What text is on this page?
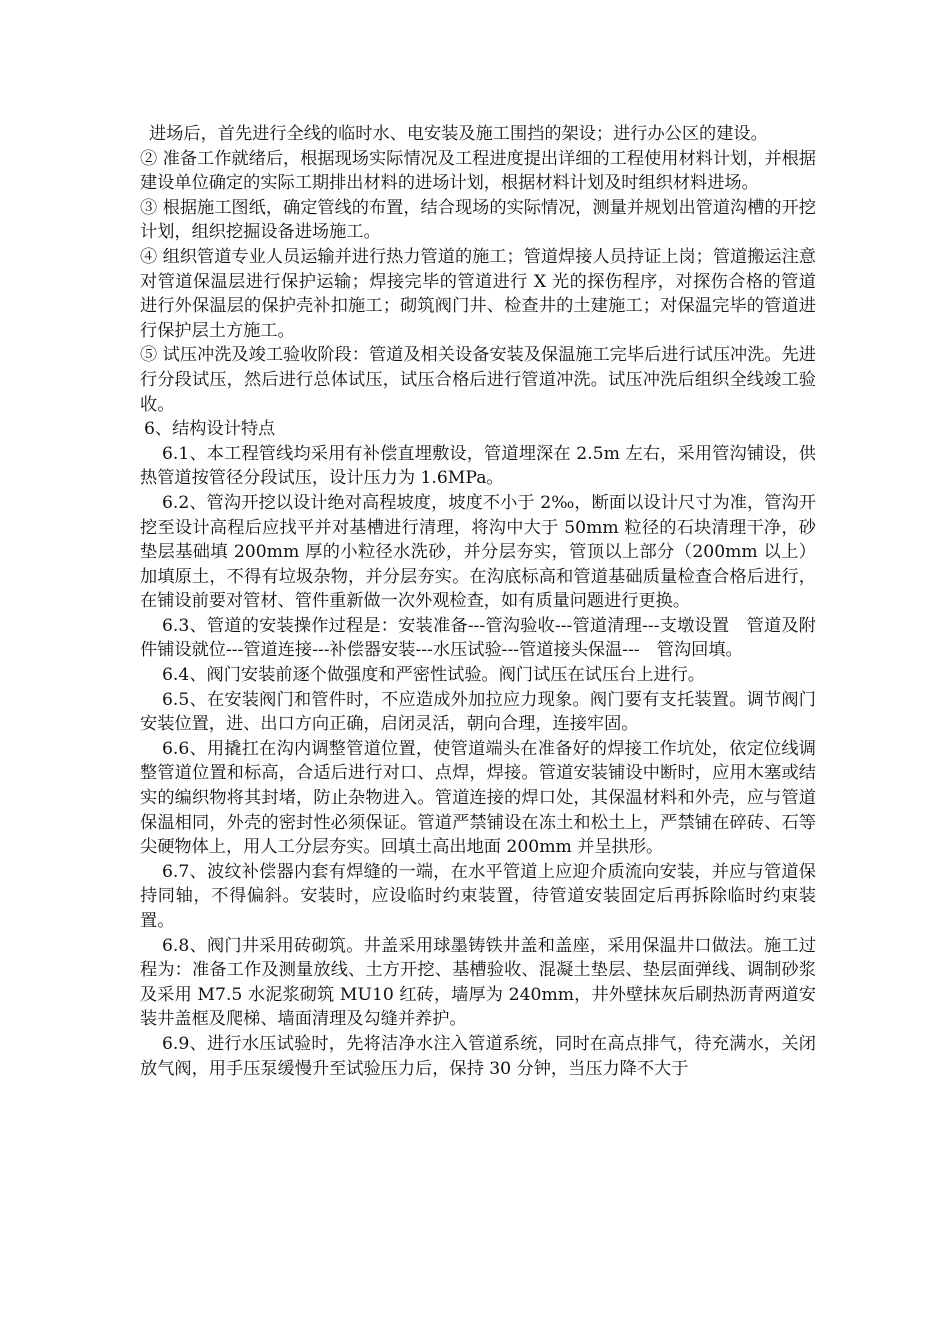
进场后，首先进行全线的临时水、电安装及施工围挡的架设；进行办公区的建设。

② 准备工作就绪后，根据现场实际情况及工程进度提出详细的工程使用材料计划，并根据建设单位确定的实际工期排出材料的进场计划，根据材料计划及时组织材料进场。

③ 根据施工图纸，确定管线的布置，结合现场的实际情况，测量并规划出管道沟槽的开挖计划，组织挖掘设备进场施工。

④ 组织管道专业人员运输并进行热力管道的施工；管道焊接人员持证上岗；管道搬运注意对管道保温层进行保护运输；焊接完毕的管道进行 X 光的探伤程序，对探伤合格的管道进行外保温层的保护壳补扣施工；砌筑阀门井、检查井的土建施工；对保温完毕的管道进行保护层土方施工。

⑤ 试压冲洗及竣工验收阶段：管道及相关设备安装及保温施工完毕后进行试压冲洗。先进行分段试压，然后进行总体试压，试压合格后进行管道冲洗。试压冲洗后组织全线竣工验收。

6、结构设计特点

6.1、本工程管线均采用有补偿直埋敷设，管道埋深在 2.5m 左右，采用管沟铺设，供热管道按管径分段试压，设计压力为 1.6MPa。

6.2、管沟开挖以设计绝对高程坡度，坡度不小于 2‰，断面以设计尺寸为准，管沟开挖至设计高程后应找平并对基槽进行清理，将沟中大于 50mm 粒径的石块清理干净，砂垫层基础填 200mm 厚的小粒径水洗砂，并分层夯实，管顶以上部分（200mm 以上）加填原土，不得有垃圾杂物，并分层夯实。在沟底标高和管道基础质量检查合格后进行，在铺设前要对管材、管件重新做一次外观检查，如有质量问题进行更换。

6.3、管道的安装操作过程是：安装准备---管沟验收---管道清理---支墩设置　管道及附件铺设就位---管道连接---补偿器安装---水压试验---管道接头保温---　管沟回填。

6.4、阀门安装前逐个做强度和严密性试验。阀门试压在试压台上进行。

6.5、在安装阀门和管件时，不应造成外加拉应力现象。阀门要有支托装置。调节阀门安装位置，进、出口方向正确，启闭灵活，朝向合理，连接牢固。

6.6、用撬扛在沟内调整管道位置，使管道端头在准备好的焊接工作坑处，依定位线调整管道位置和标高，合适后进行对口、点焊，焊接。管道安装铺设中断时，应用木塞或结实的编织物将其封堵，防止杂物进入。管道连接的焊口处，其保温材料和外壳，应与管道保温相同，外壳的密封性必须保证。管道严禁铺设在冻土和松土上，严禁铺在碎砖、石等尖硬物体上，用人工分层夯实。回填土高出地面 200mm 并呈拱形。

6.7、波纹补偿器内套有焊缝的一端，在水平管道上应迎介质流向安装，并应与管道保持同轴，不得偏斜。安装时，应设临时约束装置，待管道安装固定后再拆除临时约束装置。

6.8、阀门井采用砖砌筑。井盖采用球墨铸铁井盖和盖座，采用保温井口做法。施工过程为：准备工作及测量放线、土方开挖、基槽验收、混凝土垫层、垫层面弹线、调制砂浆及采用 M7.5 水泥浆砌筑 MU10 红砖，墙厚为 240mm，井外壁抹灰后刷热沥青两道安装井盖框及爬梯、墙面清理及勾缝并养护。

6.9、进行水压试验时，先将洁净水注入管道系统，同时在高点排气，待充满水，关闭放气阀，用手压泵缓慢升至试验压力后，保持 30 分钟，当压力降不大于
